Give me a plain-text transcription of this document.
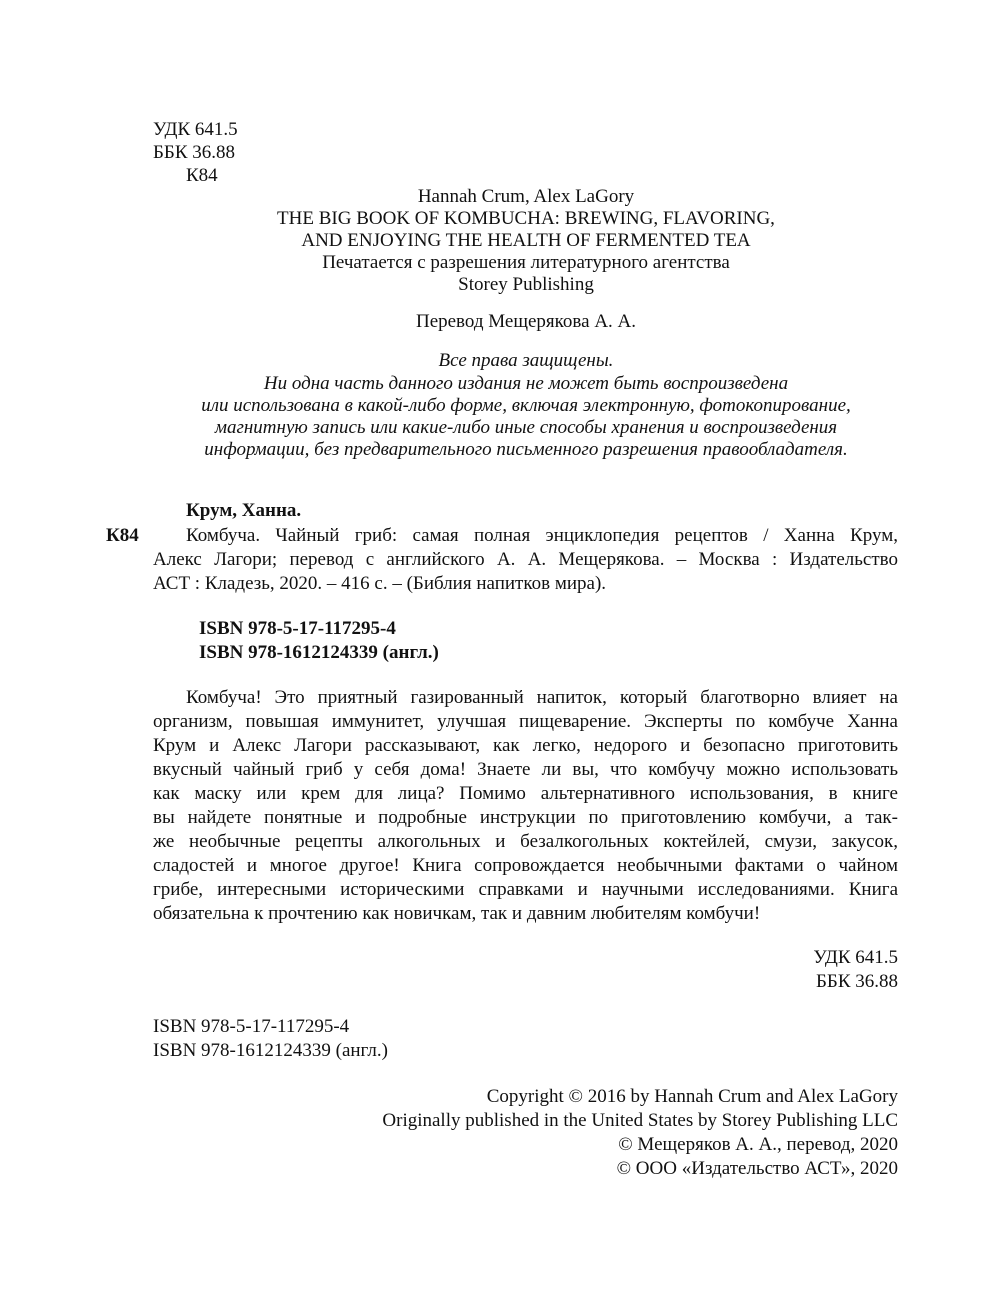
УДК 641.5
ББК 36.88
К84
Hannah Crum, Alex LaGory
THE BIG BOOK OF KOMBUCHA: BREWING, FLAVORING,
AND ENJOYING THE HEALTH OF FERMENTED TEA
Печатается с разрешения литературного агентства
Storey Publishing
Перевод Мещерякова А. А.
Все права защищены.
Ни одна часть данного издания не может быть воспроизведена
или использована в какой-либо форме, включая электронную, фотокопирование,
магнитную запись или какие-либо иные способы хранения и воспроизведения
информации, без предварительного письменного разрешения правообладателя.
Крум, Ханна.
К84 Комбуча. Чайный гриб: самая полная энциклопедия рецептов / Ханна Крум,
Алекс Лагори; перевод с английского А. А. Мещерякова. – Москва : Издательство
АСТ : Кладезь, 2020. – 416 с. – (Библия напитков мира).
ISBN 978-5-17-117295-4
ISBN 978-1612124339 (англ.)
Комбуча! Это приятный газированный напиток, который благотворно влияет на
организм, повышая иммунитет, улучшая пищеварение. Эксперты по комбуче Ханна
Крум и Алекс Лагори рассказывают, как легко, недорого и безопасно приготовить
вкусный чайный гриб у себя дома! Знаете ли вы, что комбучу можно использовать
как маску или крем для лица? Помимо альтернативного использования, в книге
вы найдете понятные и подробные инструкции по приготовлению комбучи, а так-
же необычные рецепты алкогольных и безалкогольных коктейлей, смузи, закусок,
сладостей и многое другое! Книга сопровождается необычными фактами о чайном
грибе, интересными историческими справками и научными исследованиями. Книга
обязательна к прочтению как новичкам, так и давним любителям комбучи!
УДК 641.5
ББК 36.88
ISBN 978-5-17-117295-4
ISBN 978-1612124339 (англ.)
Copyright © 2016 by Hannah Crum and Alex LaGory
Originally published in the United States by Storey Publishing LLC
© Мещеряков А. А., перевод, 2020
© ООО «Издательство АСТ», 2020
